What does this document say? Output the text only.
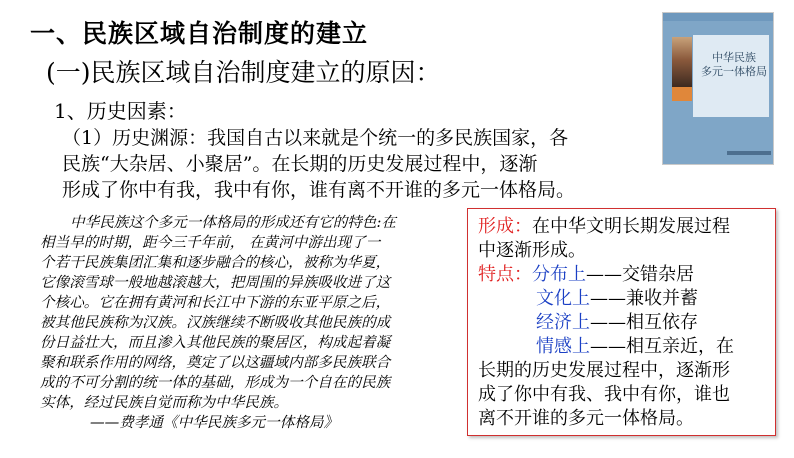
一、民族区域自治制度的建立
(一)民族区域自治制度建立的原因：
1、历史因素：
（1）历史渊源：我国自古以来就是个统一的多民族国家，各
民族“大杂居、小聚居”。在长期的历史发展过程中，逐渐
形成了你中有我，我中有你，谁有离不开谁的多元一体格局。
中华民族
多元一体格局
中华民族这个多元一体格局的形成还有它的特色:在
相当早的时期，距今三千年前， 在黄河中游出现了一
个若干民族集团汇集和逐步融合的核心，被称为华夏，
它像滚雪球一般地越滚越大，把周围的异族吸收进了这
个核心。它在拥有黄河和长江中下游的东亚平原之后，
被其他民族称为汉族。汉族继续不断吸收其他民族的成
份日益壮大，而且渗入其他民族的聚居区，构成起着凝
聚和联系作用的网络，奠定了以这疆域内部多民族联合
成的不可分割的统一体的基础，形成为一个自在的民族
实体，经过民族自觉而称为中华民族。
——费孝通《中华民族多元一体格局》
形成：在中华文明长期发展过程
中逐渐形成。
特点：分布上——交错杂居
文化上——兼收并蓄
经济上——相互依存
情感上——相互亲近，在
长期的历史发展过程中，逐渐形
成了你中有我、我中有你，谁也
离不开谁的多元一体格局。
